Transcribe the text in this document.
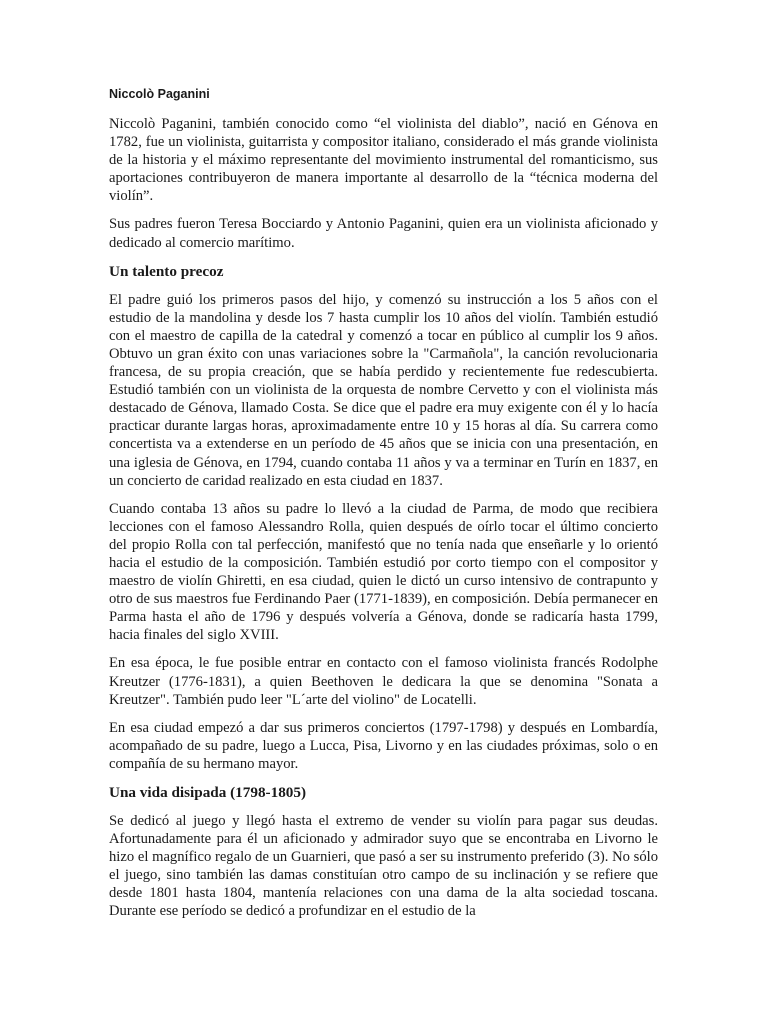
Niccolò Paganini

Niccolò Paganini, también conocido como “el violinista del diablo”, nació en Génova en 1782, fue un violinista, guitarrista y compositor italiano, considerado el más grande violinista de la historia y el máximo representante del movimiento instrumental del romanticismo, sus aportaciones contribuyeron de manera importante al desarrollo de la “técnica moderna del violín”.

Sus padres fueron Teresa Bocciardo y Antonio Paganini, quien era un violinista aficionado y dedicado al comercio marítimo.

Un talento precoz

El padre guió los primeros pasos del hijo, y comenzó su instrucción a los 5 años con el estudio de la mandolina y desde los 7 hasta cumplir los 10 años del violín. También estudió con el maestro de capilla de la catedral y comenzó a tocar en público al cumplir los 9 años. Obtuvo un gran éxito con unas variaciones sobre la "Carmañola", la canción revolucionaria francesa, de su propia creación, que se había perdido y recientemente fue redescubierta. Estudió también con un violinista de la orquesta de nombre Cervetto y con el violinista más destacado de Génova, llamado Costa. Se dice que el padre era muy exigente con él y lo hacía practicar durante largas horas, aproximadamente entre 10 y 15 horas al día. Su carrera como concertista va a extenderse en un período de 45 años que se inicia con una presentación, en una iglesia de Génova, en 1794, cuando contaba 11 años y va a terminar en Turín en 1837, en un concierto de caridad realizado en esta ciudad en 1837.

Cuando contaba 13 años su padre lo llevó a la ciudad de Parma, de modo que recibiera lecciones con el famoso Alessandro Rolla, quien después de oírlo tocar el último concierto del propio Rolla con tal perfección, manifestó que no tenía nada que enseñarle y lo orientó hacia el estudio de la composición. También estudió por corto tiempo con el compositor y maestro de violín Ghiretti, en esa ciudad, quien le dictó un curso intensivo de contrapunto y otro de sus maestros fue Ferdinando Paer (1771-1839), en composición. Debía permanecer en Parma hasta el año de 1796 y después volvería a Génova, donde se radicaría hasta 1799, hacia finales del siglo XVIII.

En esa época, le fue posible entrar en contacto con el famoso violinista francés Rodolphe Kreutzer (1776-1831), a quien Beethoven le dedicara la que se denomina "Sonata a Kreutzer". También pudo leer "L´arte del violino" de Locatelli.

En esa ciudad empezó a dar sus primeros conciertos (1797-1798) y después en Lombardía, acompañado de su padre, luego a Lucca, Pisa, Livorno y en las ciudades próximas, solo o en compañía de su hermano mayor.

Una vida disipada (1798-1805)

Se dedicó al juego y llegó hasta el extremo de vender su violín para pagar sus deudas. Afortunadamente para él un aficionado y admirador suyo que se encontraba en Livorno le hizo el magnífico regalo de un Guarnieri, que pasó a ser su instrumento preferido (3). No sólo el juego, sino también las damas constituían otro campo de su inclinación y se refiere que desde 1801 hasta 1804, mantenía relaciones con una dama de la alta sociedad toscana. Durante ese período se dedicó a profundizar en el estudio de la
